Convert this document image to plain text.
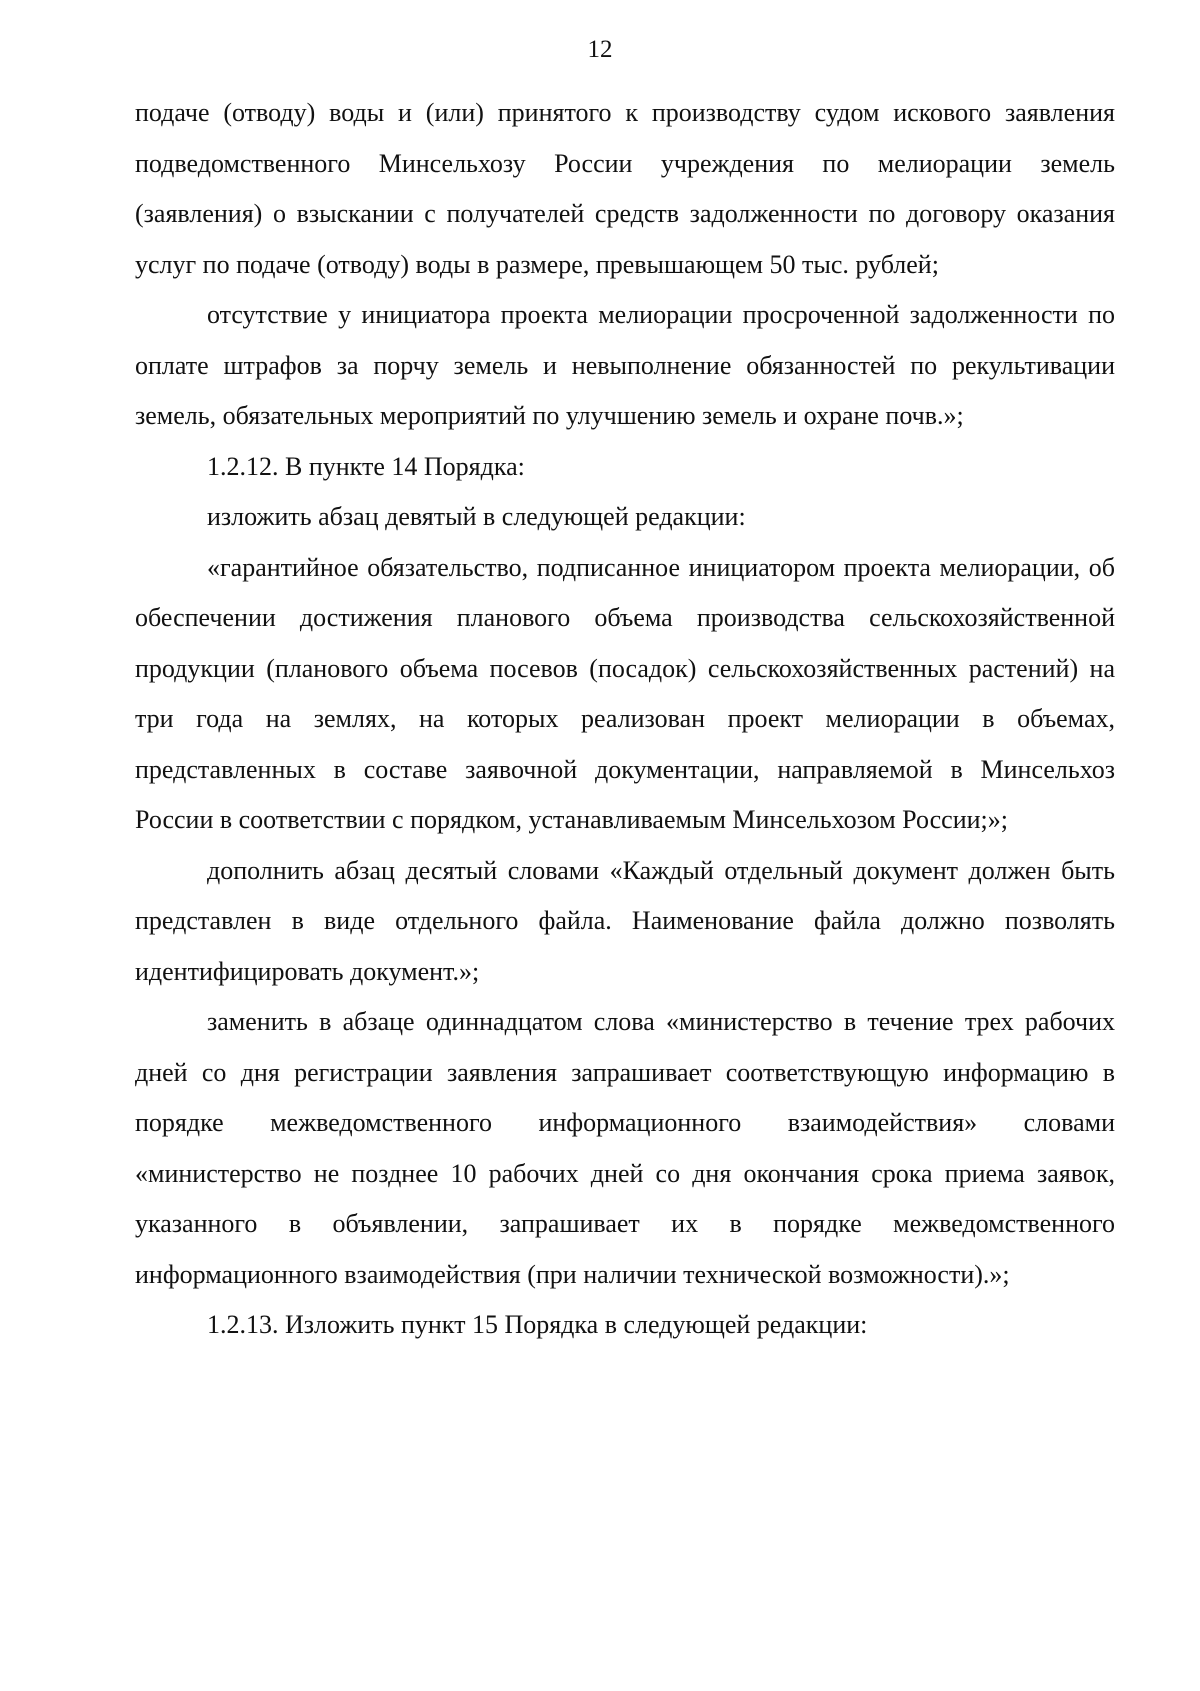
12

подаче (отводу) воды и (или) принятого к производству судом искового заявления подведомственного Минсельхозу России учреждения по мелиорации земель (заявления) о взыскании с получателей средств задолженности по договору оказания услуг по подаче (отводу) воды в размере, превышающем 50 тыс. рублей;

отсутствие у инициатора проекта мелиорации просроченной задолженности по оплате штрафов за порчу земель и невыполнение обязанностей по рекультивации земель, обязательных мероприятий по улучшению земель и охране почв.»;

1.2.12. В пункте 14 Порядка:

изложить абзац девятый в следующей редакции:

«гарантийное обязательство, подписанное инициатором проекта мелиорации, об обеспечении достижения планового объема производства сельскохозяйственной продукции (планового объема посевов (посадок) сельскохозяйственных растений) на три года на землях, на которых реализован проект мелиорации в объемах, представленных в составе заявочной документации, направляемой в Минсельхоз России в соответствии с порядком, устанавливаемым Минсельхозом России;»;

дополнить абзац десятый словами «Каждый отдельный документ должен быть представлен в виде отдельного файла. Наименование файла должно позволять идентифицировать документ.»;

заменить в абзаце одиннадцатом слова «министерство в течение трех рабочих дней со дня регистрации заявления запрашивает соответствующую информацию в порядке межведомственного информационного взаимодействия» словами «министерство не позднее 10 рабочих дней со дня окончания срока приема заявок, указанного в объявлении, запрашивает их в порядке межведомственного информационного взаимодействия (при наличии технической возможности).»;

1.2.13. Изложить пункт 15 Порядка в следующей редакции:
